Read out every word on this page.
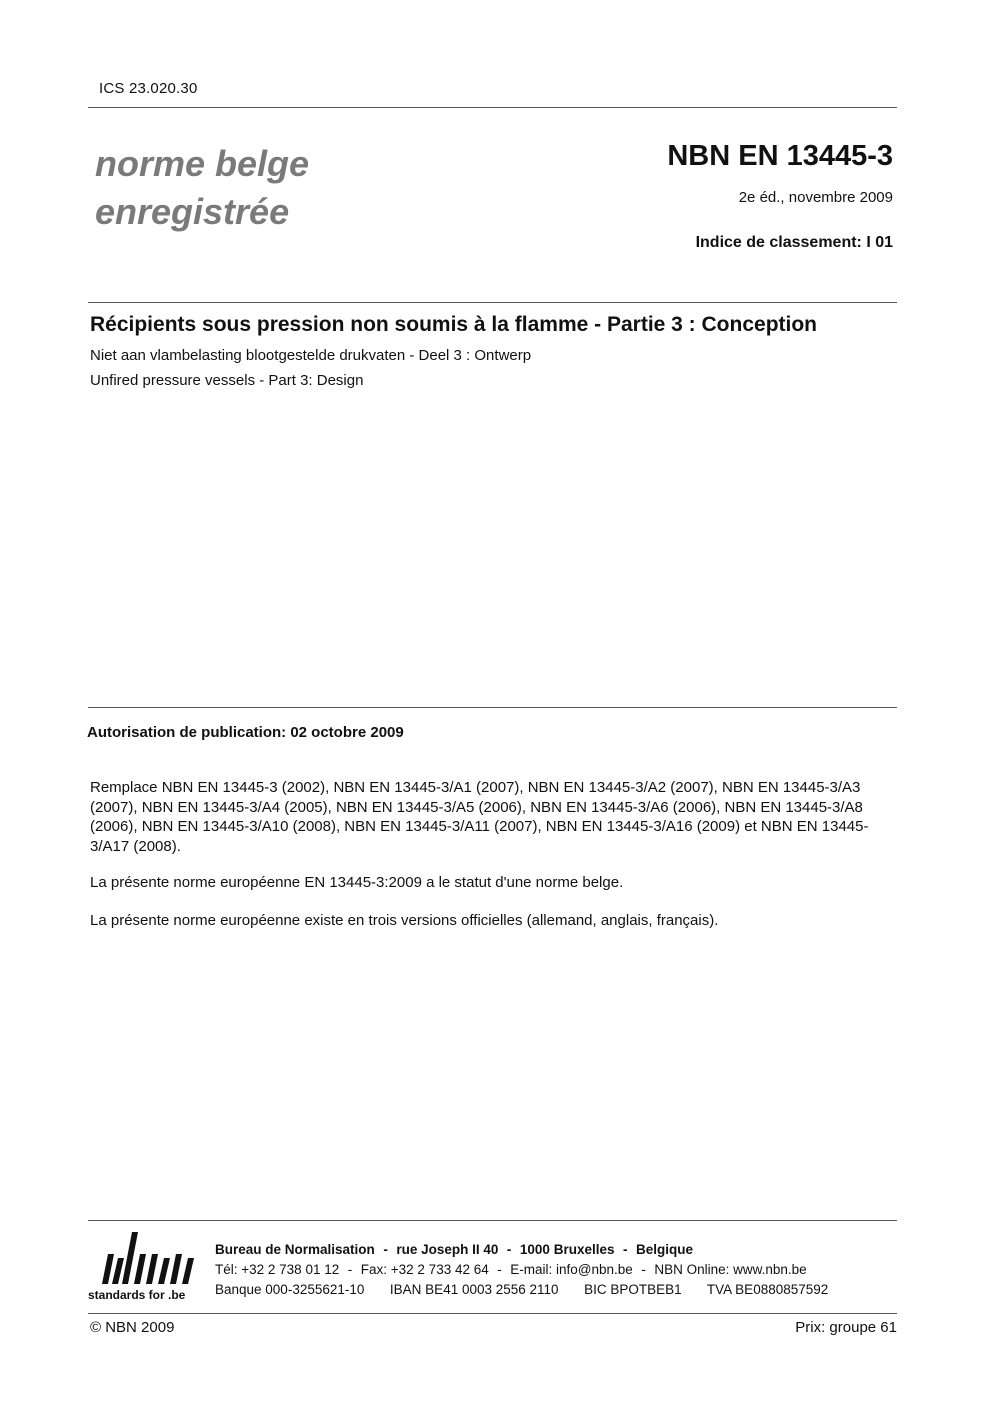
ICS 23.020.30
norme belge
enregistrée
NBN EN 13445-3
2e éd., novembre 2009
Indice de classement: I 01
Récipients sous pression non soumis à la flamme - Partie 3 : Conception
Niet aan vlambelasting blootgestelde drukvaten - Deel 3 : Ontwerp
Unfired pressure vessels - Part 3: Design
Autorisation de publication: 02 octobre 2009
Remplace NBN EN 13445-3 (2002), NBN EN 13445-3/A1 (2007), NBN EN 13445-3/A2 (2007), NBN EN 13445-3/A3 (2007), NBN EN 13445-3/A4 (2005), NBN EN 13445-3/A5 (2006), NBN EN 13445-3/A6 (2006), NBN EN 13445-3/A8 (2006), NBN EN 13445-3/A10 (2008), NBN EN 13445-3/A11 (2007), NBN EN 13445-3/A16 (2009) et NBN EN 13445-3/A17 (2008).
La présente norme européenne EN 13445-3:2009 a le statut d'une norme belge.
La présente norme européenne existe en trois versions officielles (allemand, anglais, français).
standards for .be
Bureau de Normalisation - rue Joseph II 40 - 1000 Bruxelles - Belgique
Tél: +32 2 738 01 12 - Fax: +32 2 733 42 64 - E-mail: info@nbn.be - NBN Online: www.nbn.be
Banque 000-3255621-10 IBAN BE41 0003 2556 2110 BIC BPOTBEB1 TVA BE0880857592
© NBN 2009	Prix: groupe 61
